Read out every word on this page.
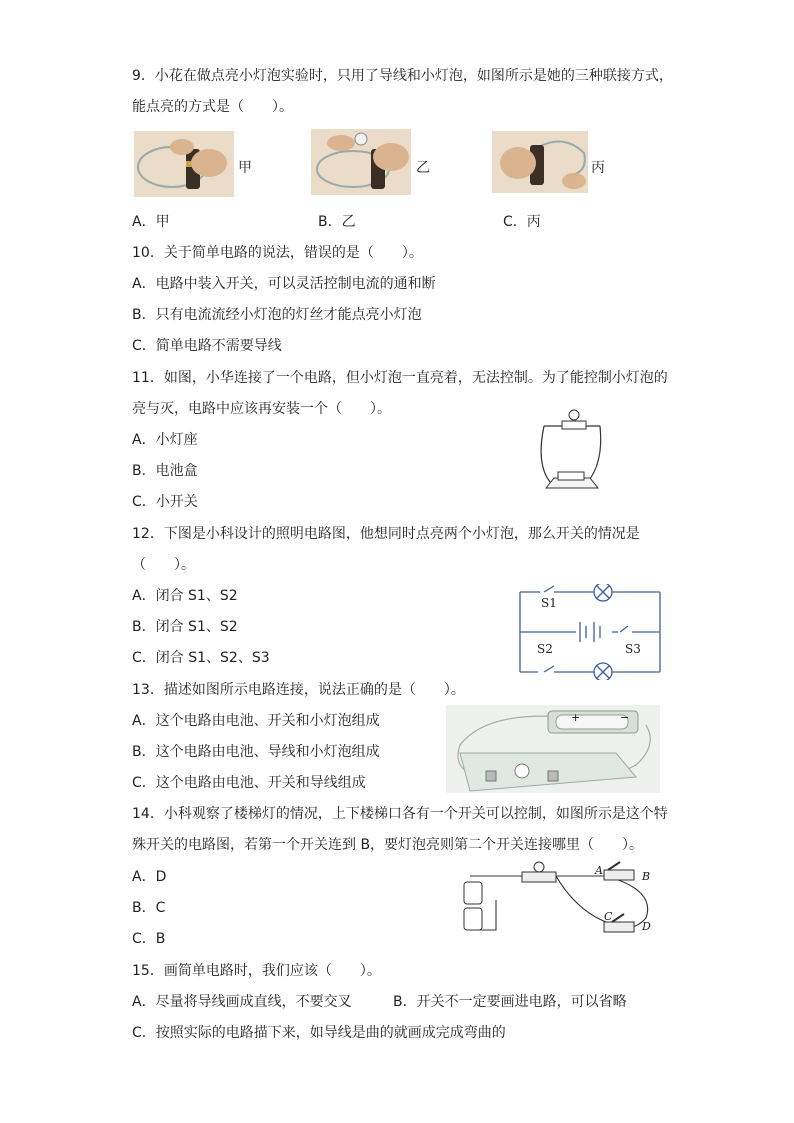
9．小花在做点亮小灯泡实验时，只用了导线和小灯泡，如图所示是她的三种联接方式，
能点亮的方式是（　　）。
甲	乙	丙
A．甲	B．乙	C．丙
10．关于简单电路的说法，错误的是（　　）。
A．电路中装入开关，可以灵活控制电流的通和断
B．只有电流流经小灯泡的灯丝才能点亮小灯泡
C．简单电路不需要导线
11．如图，小华连接了一个电路，但小灯泡一直亮着，无法控制。为了能控制小灯泡的
亮与灭，电路中应该再安装一个（　　）。
A．小灯座
B．电池盒
C．小开关
12．下图是小科设计的照明电路图，他想同时点亮两个小灯泡，那么开关的情况是
（　　）。
A．闭合 S1、S2
B．闭合 S1、S2
C．闭合 S1、S2、S3
S1
S2	S3
13．描述如图所示电路连接，说法正确的是（　　）。
A．这个电路由电池、开关和小灯泡组成
B．这个电路由电池、导线和小灯泡组成
C．这个电路由电池、开关和导线组成
+	−
14．小科观察了楼梯灯的情况，上下楼梯口各有一个开关可以控制，如图所示是这个特
殊开关的电路图，若第一个开关连到 B，要灯泡亮则第二个开关连接哪里（　　）。
A．D
B．C
C．B
A	B
C
D
15．画简单电路时，我们应该（　　）。
A．尽量将导线画成直线，不要交叉	B．开关不一定要画进电路，可以省略
C．按照实际的电路描下来，如导线是曲的就画成完成弯曲的
